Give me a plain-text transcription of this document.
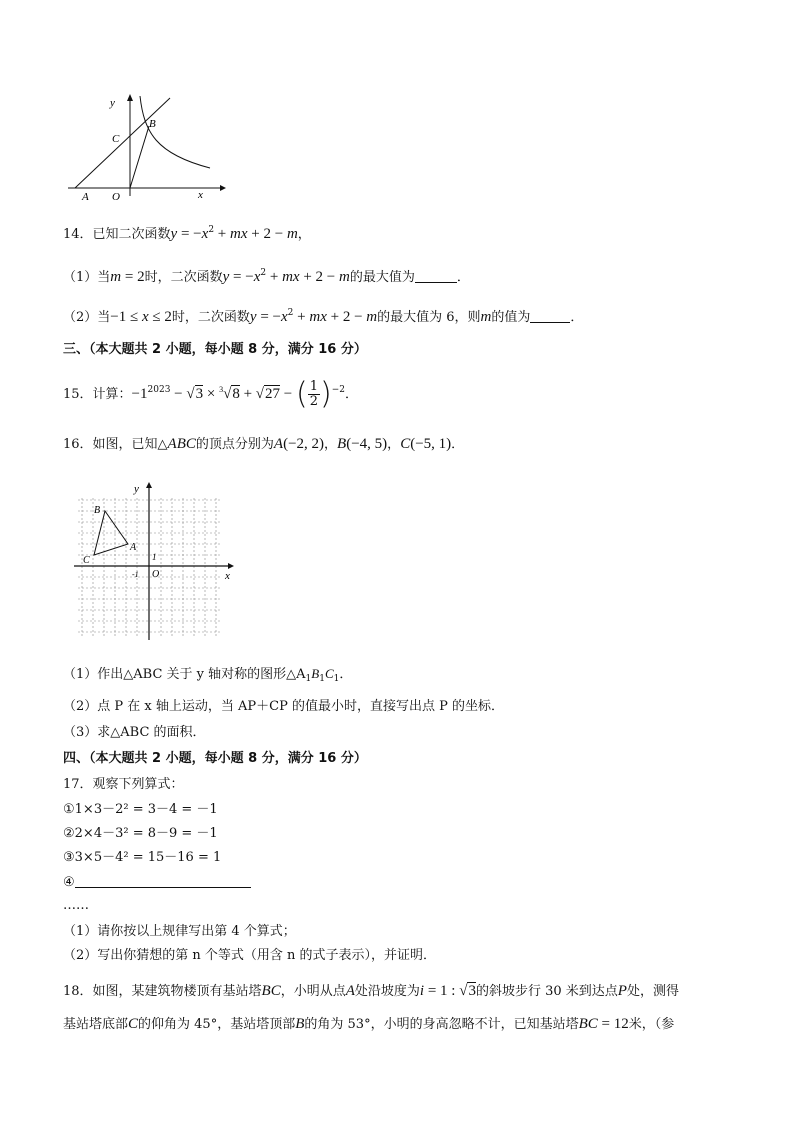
y
C
B
A O	x
14．已知二次函数$y = -x^2$ + mx + 2 − m，
（1）当m = 2时，二次函数$y = -x^2$ + mx + 2 − m的最大值为	．
（2）当−1 ≤ x ≤ 2时，二次函数$y = -x^2$ + mx + 2 − m的最大值为 6，则m的值为	．
三、（本大题共 2 小题，每小题 8 分，满分 16 分）
15．计算：$-1^{2023} - √3 \times ^3√8 + √27$ − ( $\frac{1}{2} )^{-2}$．
16．如图，已知△ABC的顶点分别为A(−2, 2)，B(−4, 5)，C(−5, 1)．
y
B
A
C	1
-1 O	x
（1）作出△ABC 关于 y 轴对称的图形$\triangle A_1B_1C_1$．
（2）点 P 在 x 轴上运动，当 AP＋CP 的值最小时，直接写出点 P 的坐标．
（3）求△ABC 的面积．
四、（本大题共 2 小题，每小题 8 分，满分 16 分）
17．观察下列算式：
①1×3－2² = 3－4 = －1
②2×4－3² = 8－9 = －1
③3×5－4² = 15－16 = 1
④
……
（1）请你按以上规律写出第 4 个算式；
（2）写出你猜想的第 n 个等式（用含 n 的式子表示），并证明．
18．如图，某建筑物楼顶有基站塔BC，小明从点A处沿坡度为i = 1 : √3的斜坡步行 30 米到达点P处，测得
基站塔底部C的仰角为 45°，基站塔顶部B的角为 53°，小明的身高忽略不计，已知基站塔BC = 12米，（参
